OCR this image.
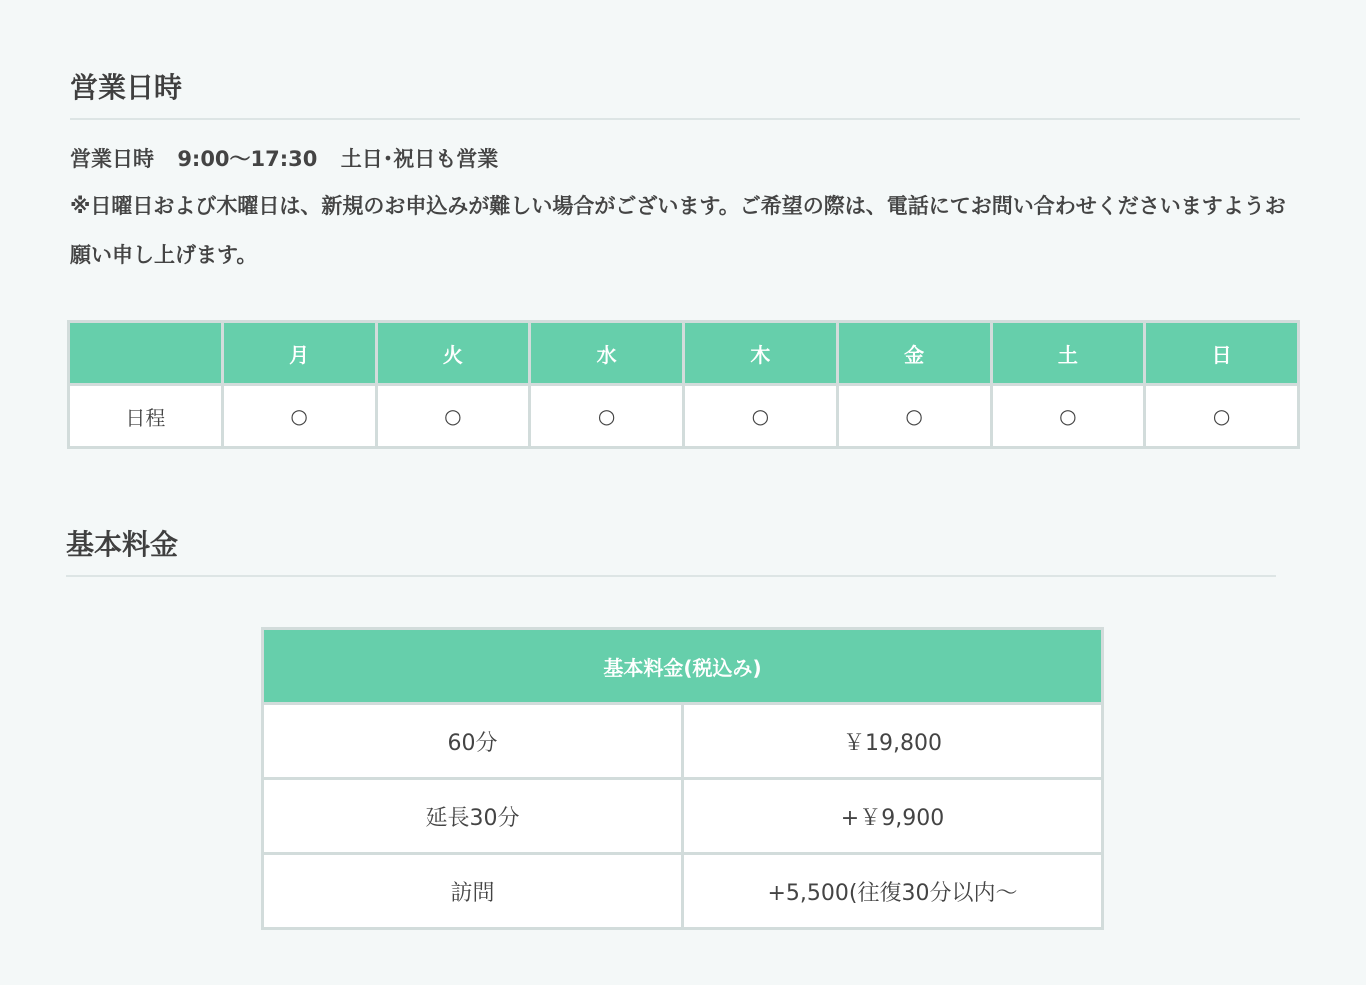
営業日時
営業日時 9:00〜17:30 土日･祝日も営業
※日曜日および木曜日は、新規のお申込みが難しい場合がございます。ご希望の際は、電話にてお問い合わせくださいますようお願い申し上げます。
	月	火	水	木	金	土	日
日程	○	○	○	○	○	○	○
基本料金
基本料金(税込み)	
60分	￥19,800
延長30分	+￥9,900
訪問	+5,500(往復30分以内〜
